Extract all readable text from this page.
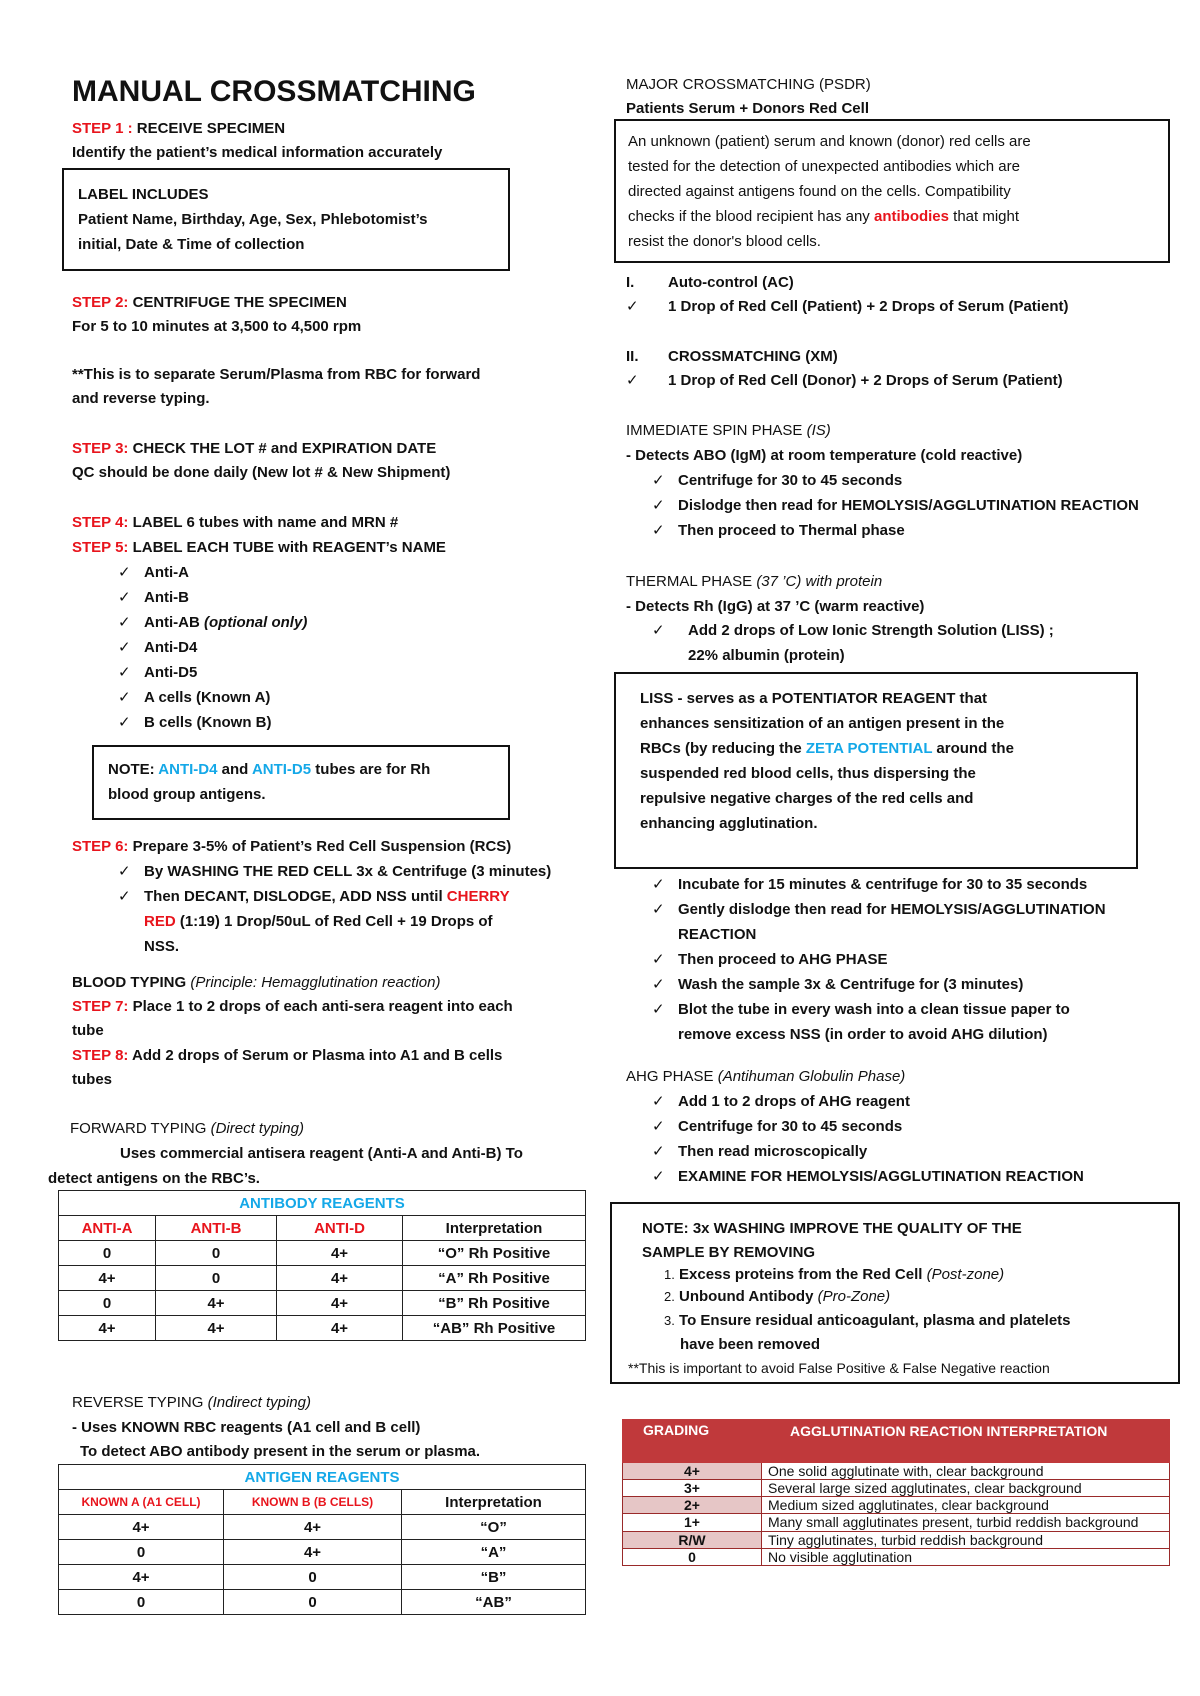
MANUAL CROSSMATCHING
STEP 1 : RECEIVE SPECIMEN
Identify the patient’s medical information accurately
LABEL INCLUDES
Patient Name, Birthday, Age, Sex, Phlebotomist’s
initial, Date & Time of collection
STEP 2: CENTRIFUGE THE SPECIMEN
For 5 to 10 minutes at 3,500 to 4,500 rpm
**This is to separate Serum/Plasma from RBC for forward
and reverse typing.
STEP 3: CHECK THE LOT # and EXPIRATION DATE
QC should be done daily (New lot # & New Shipment)
STEP 4: LABEL 6 tubes with name and MRN #
STEP 5: LABEL EACH TUBE with REAGENT’s NAME
✓ Anti-A
✓ Anti-B
✓ Anti-AB (optional only)
✓ Anti-D4
✓ Anti-D5
✓ A cells (Known A)
✓ B cells (Known B)
NOTE: ANTI-D4 and ANTI-D5 tubes are for Rh
blood group antigens.
STEP 6: Prepare 3-5% of Patient’s Red Cell Suspension (RCS)
✓ By WASHING THE RED CELL 3x & Centrifuge (3 minutes)
✓ Then DECANT, DISLODGE, ADD NSS until CHERRY
RED (1:19) 1 Drop/50uL of Red Cell + 19 Drops of
NSS.
BLOOD TYPING (Principle: Hemagglutination reaction)
STEP 7: Place 1 to 2 drops of each anti-sera reagent into each
tube
STEP 8: Add 2 drops of Serum or Plasma into A1 and B cells
tubes
FORWARD TYPING (Direct typing)
Uses commercial antisera reagent (Anti-A and Anti-B) To
detect antigens on the RBC’s.
ANTIBODY REAGENTS			
ANTI-A	ANTI-B	ANTI-D	Interpretation
0	0	4+	“O” Rh Positive
4+	0	4+	“A” Rh Positive
0	4+	4+	“B” Rh Positive
4+	4+	4+	“AB” Rh Positive
REVERSE TYPING (Indirect typing)
- Uses KNOWN RBC reagents (A1 cell and B cell)
To detect ABO antibody present in the serum or plasma.
ANTIGEN REAGENTS		
KNOWN A (A1 CELL)	KNOWN B (B CELLS)	Interpretation
4+	4+	“O”
0	4+	“A”
4+	0	“B”
0	0	“AB”
MAJOR CROSSMATCHING (PSDR)
Patients Serum + Donors Red Cell
An unknown (patient) serum and known (donor) red cells are
tested for the detection of unexpected antibodies which are
directed against antigens found on the cells. Compatibility
checks if the blood recipient has any antibodies that might
resist the donor's blood cells.
I. Auto-control (AC)
✓	1 Drop of Red Cell (Patient) + 2 Drops of Serum (Patient)
II. CROSSMATCHING (XM)
✓	1 Drop of Red Cell (Donor) + 2 Drops of Serum (Patient)
IMMEDIATE SPIN PHASE (IS)
- Detects ABO (IgM) at room temperature (cold reactive)
✓ Centrifuge for 30 to 45 seconds
✓ Dislodge then read for HEMOLYSIS/AGGLUTINATION REACTION
✓ Then proceed to Thermal phase
THERMAL PHASE (37 ’C) with protein
- Detects Rh (IgG) at 37 ’C (warm reactive)
✓	Add 2 drops of Low Ionic Strength Solution (LISS) ;
22% albumin (protein)
LISS - serves as a POTENTIATOR REAGENT that
enhances sensitization of an antigen present in the
RBCs (by reducing the ZETA POTENTIAL around the
suspended red blood cells, thus dispersing the
repulsive negative charges of the red cells and
enhancing agglutination.
✓ Incubate for 15 minutes & centrifuge for 30 to 35 seconds
✓ Gently dislodge then read for HEMOLYSIS/AGGLUTINATION
REACTION
✓ Then proceed to AHG PHASE
✓ Wash the sample 3x & Centrifuge for (3 minutes)
✓ Blot the tube in every wash into a clean tissue paper to
remove excess NSS (in order to avoid AHG dilution)
AHG PHASE (Antihuman Globulin Phase)
✓ Add 1 to 2 drops of AHG reagent
✓ Centrifuge for 30 to 45 seconds
✓ Then read microscopically
✓ EXAMINE FOR HEMOLYSIS/AGGLUTINATION REACTION
NOTE: 3x WASHING IMPROVE THE QUALITY OF THE
SAMPLE BY REMOVING
1. Excess proteins from the Red Cell (Post-zone)
2. Unbound Antibody (Pro-Zone)
3. To Ensure residual anticoagulant, plasma and platelets
have been removed
**This is important to avoid False Positive & False Negative reaction
GRADING	AGGLUTINATION REACTION INTERPRETATION

4+	One solid agglutinate with, clear background
3+	Several large sized agglutinates, clear background
2+	Medium sized agglutinates, clear background
1+	Many small agglutinates present, turbid reddish background
R/W	Tiny agglutinates, turbid reddish background
0	No visible agglutination
